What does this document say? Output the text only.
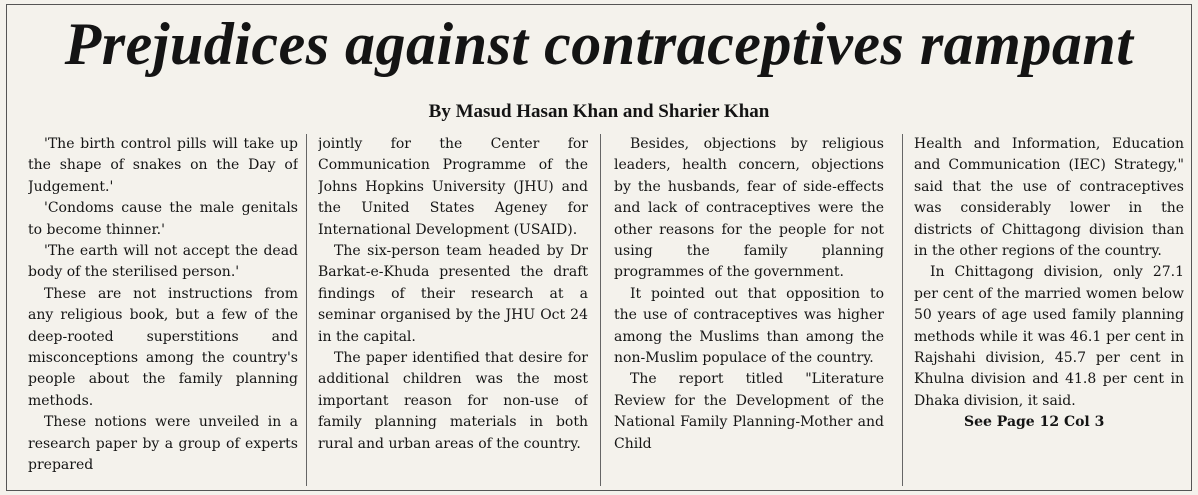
Prejudices against contraceptives rampant
By Masud Hasan Khan and Sharier Khan

'The birth control pills will take up the shape of snakes on the Day of Judgement.'

'Condoms cause the male genitals to become thinner.'

'The earth will not accept the dead body of the sterilised person.'

These are not instructions from any religious book, but a few of the deep-rooted superstitions and misconceptions among the country's people about the family planning methods.

These notions were unveiled in a research paper by a group of experts prepared

jointly for the Center for Communication Programme of the Johns Hopkins University (JHU) and the United States Ageney for International Development (USAID).

The six-person team headed by Dr Barkat-e-Khuda presented the draft findings of their research at a seminar organised by the JHU Oct 24 in the capital.

The paper identified that desire for additional children was the most important reason for non-use of family planning materials in both rural and urban areas of the country.

Besides, objections by religious leaders, health concern, objections by the husbands, fear of side-effects and lack of contraceptives were the other reasons for the people for not using the family planning programmes of the government.

It pointed out that opposition to the use of contraceptives was higher among the Muslims than among the non-Muslim populace of the country.

The report titled "Literature Review for the Development of the National Family Planning-Mother and Child

Health and Information, Education and Communication (IEC) Strategy," said that the use of contraceptives was considerably lower in the districts of Chittagong division than in the other regions of the country.

In Chittagong division, only 27.1 per cent of the married women below 50 years of age used family planning methods while it was 46.1 per cent in Rajshahi division, 45.7 per cent in Khulna division and 41.8 per cent in Dhaka division, it said.

See Page 12 Col 3
